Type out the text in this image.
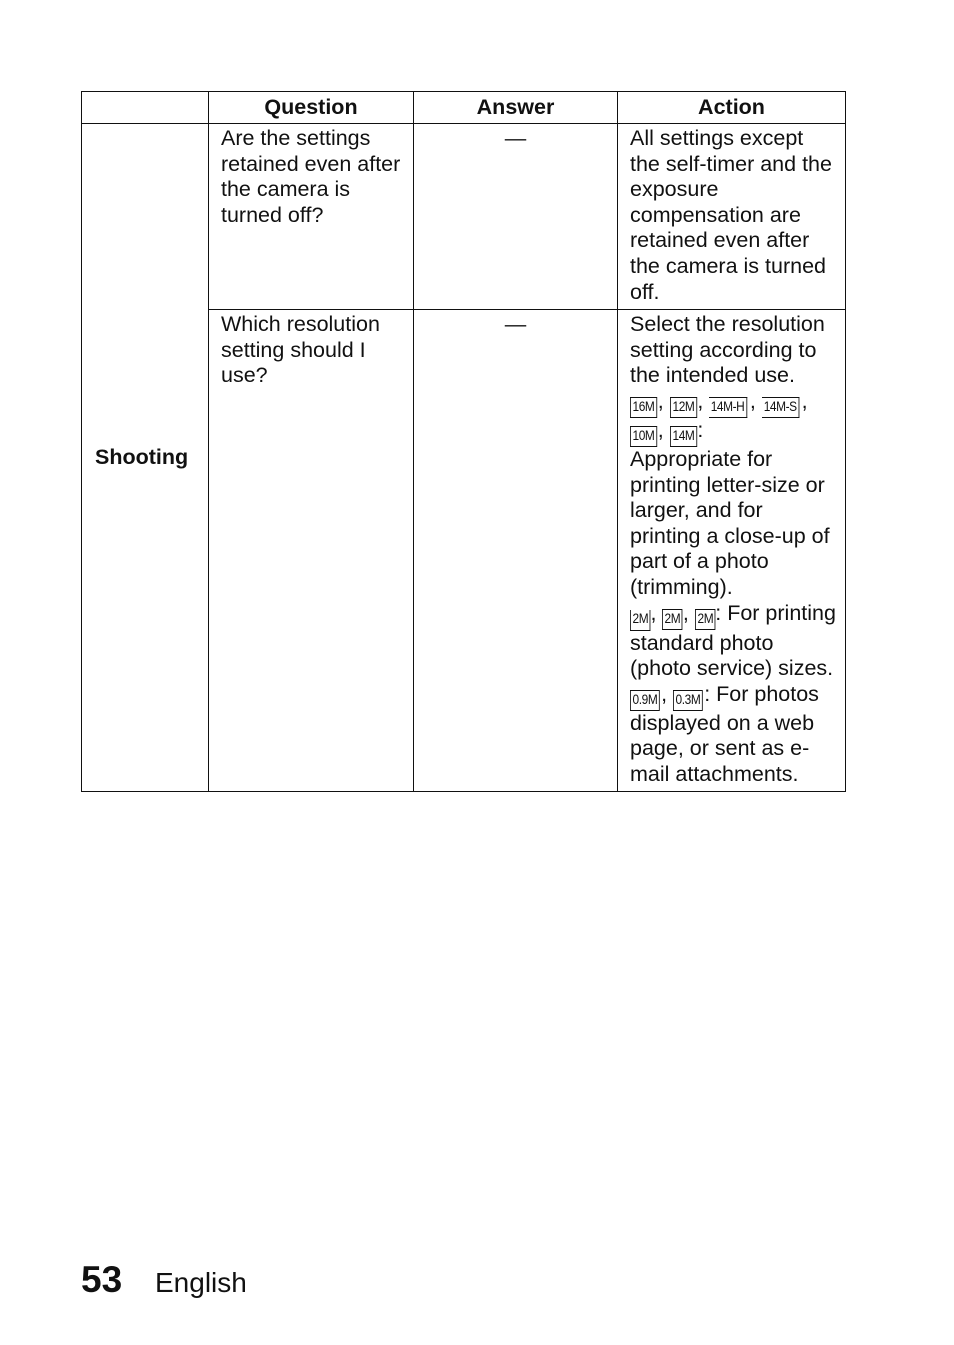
	Question	Answer	Action
Shooting	Are the settings retained even after the camera is turned off?	—	All settings except the self-timer and the exposure compensation are retained even after the camera is turned off.
	Which resolution setting should I use?	—	Select the resolution setting according to the intended use.
16M , 12M , 14M-H , 14M-S , 10M , 14M :
Appropriate for printing letter-size or larger, and for printing a close-up of part of a photo (trimming).
2M , 2M , 2M : For printing standard photo (photo service) sizes.
0.9M , 0.3M : For photos displayed on a web page, or sent as e-mail attachments.
53 English
